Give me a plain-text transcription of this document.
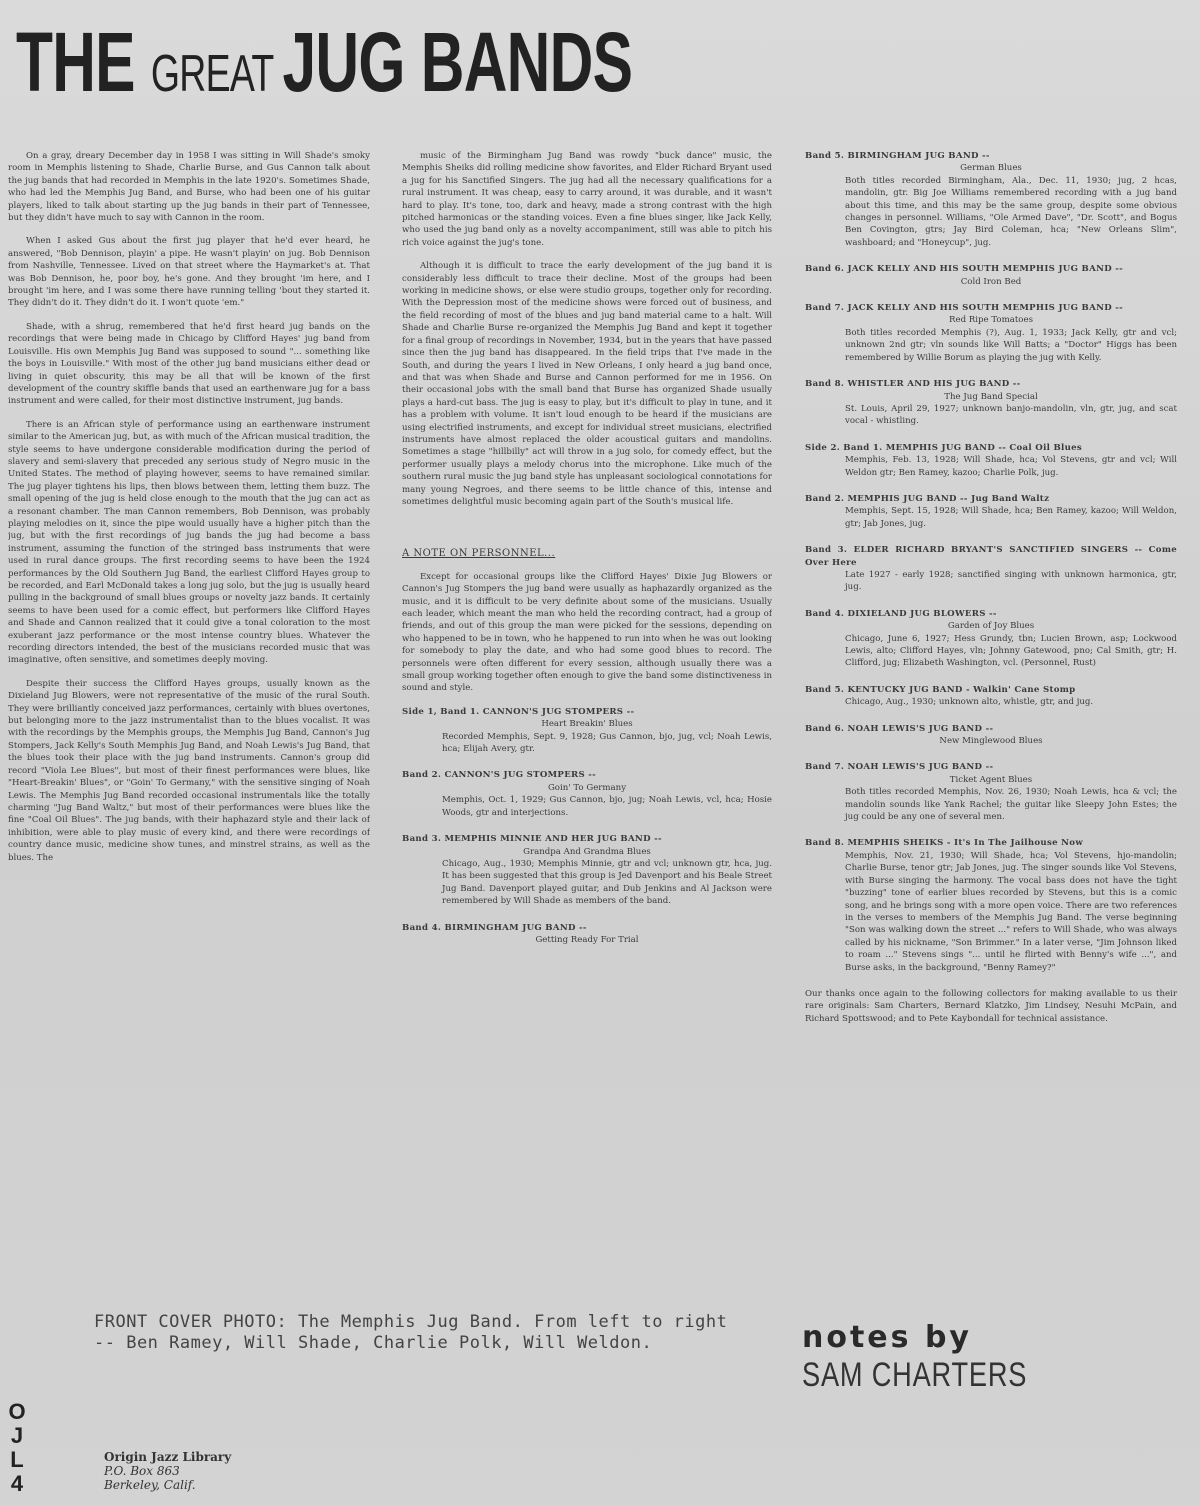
THE GREAT JUG BANDS

On a gray, dreary December day in 1958 I was sitting in Will Shade's smoky room in Memphis listening to Shade, Charlie Burse, and Gus Cannon talk about the jug bands that had recorded in Memphis in the late 1920's. Sometimes Shade, who had led the Memphis Jug Band, and Burse, who had been one of his guitar players, liked to talk about starting up the jug bands in their part of Tennessee, but they didn't have much to say with Cannon in the room.

When I asked Gus about the first jug player that he'd ever heard, he answered, "Bob Dennison, playin' a pipe. He wasn't playin' on jug. Bob Dennison from Nashville, Tennessee. Lived on that street where the Haymarket's at. That was Bob Dennison, he, poor boy, he's gone. And they brought 'im here, and I brought 'im here, and I was some there have running telling 'bout they started it. They didn't do it. They didn't do it. I won't quote 'em."

Shade, with a shrug, remembered that he'd first heard jug bands on the recordings that were being made in Chicago by Clifford Hayes' jug band from Louisville. His own Memphis Jug Band was supposed to sound "... something like the boys in Louisville." With most of the other jug band musicians either dead or living in quiet obscurity, this may be all that will be known of the first development of the country skiffle bands that used an earthenware jug for a bass instrument and were called, for their most distinctive instrument, jug bands.

There is an African style of performance using an earthenware instrument similar to the American jug, but, as with much of the African musical tradition, the style seems to have undergone considerable modification during the period of slavery and semi-slavery that preceded any serious study of Negro music in the United States. The method of playing however, seems to have remained similar. The jug player tightens his lips, then blows between them, letting them buzz. The small opening of the jug is held close enough to the mouth that the jug can act as a resonant chamber. The man Cannon remembers, Bob Dennison, was probably playing melodies on it, since the pipe would usually have a higher pitch than the jug, but with the first recordings of jug bands the jug had become a bass instrument, assuming the function of the stringed bass instruments that were used in rural dance groups. The first recording seems to have been the 1924 performances by the Old Southern Jug Band, the earliest Clifford Hayes group to be recorded, and Earl McDonald takes a long jug solo, but the jug is usually heard pulling in the background of small blues groups or novelty jazz bands. It certainly seems to have been used for a comic effect, but performers like Clifford Hayes and Shade and Cannon realized that it could give a tonal coloration to the most exuberant jazz performance or the most intense country blues. Whatever the recording directors intended, the best of the musicians recorded music that was imaginative, often sensitive, and sometimes deeply moving.

Despite their success the Clifford Hayes groups, usually known as the Dixieland Jug Blowers, were not representative of the music of the rural South. They were brilliantly conceived jazz performances, certainly with blues overtones, but belonging more to the jazz instrumentalist than to the blues vocalist. It was with the recordings by the Memphis groups, the Memphis Jug Band, Cannon's Jug Stompers, Jack Kelly's South Memphis Jug Band, and Noah Lewis's Jug Band, that the blues took their place with the jug band instruments. Cannon's group did record "Viola Lee Blues", but most of their finest performances were blues, like "Heart-Breakin' Blues", or "Goin' To Germany," with the sensitive singing of Noah Lewis. The Memphis Jug Band recorded occasional instrumentals like the totally charming "Jug Band Waltz," but most of their performances were blues like the fine "Coal Oil Blues". The jug bands, with their haphazard style and their lack of inhibition, were able to play music of every kind, and there were recordings of country dance music, medicine show tunes, and minstrel strains, as well as the blues. The

music of the Birmingham Jug Band was rowdy "buck dance" music, the Memphis Sheiks did rolling medicine show favorites, and Elder Richard Bryant used a jug for his Sanctified Singers. The jug had all the necessary qualifications for a rural instrument. It was cheap, easy to carry around, it was durable, and it wasn't hard to play. It's tone, too, dark and heavy, made a strong contrast with the high pitched harmonicas or the standing voices. Even a fine blues singer, like Jack Kelly, who used the jug band only as a novelty accompaniment, still was able to pitch his rich voice against the jug's tone.

Although it is difficult to trace the early development of the jug band it is considerably less difficult to trace their decline. Most of the groups had been working in medicine shows, or else were studio groups, together only for recording. With the Depression most of the medicine shows were forced out of business, and the field recording of most of the blues and jug band material came to a halt. Will Shade and Charlie Burse re-organized the Memphis Jug Band and kept it together for a final group of recordings in November, 1934, but in the years that have passed since then the jug band has disappeared. In the field trips that I've made in the South, and during the years I lived in New Orleans, I only heard a jug band once, and that was when Shade and Burse and Cannon performed for me in 1956. On their occasional jobs with the small band that Burse has organized Shade usually plays a hard-cut bass. The jug is easy to play, but it's difficult to play in tune, and it has a problem with volume. It isn't loud enough to be heard if the musicians are using electrified instruments, and except for individual street musicians, electrified instruments have almost replaced the older acoustical guitars and mandolins. Sometimes a stage "hillbilly" act will throw in a jug solo, for comedy effect, but the performer usually plays a melody chorus into the microphone. Like much of the southern rural music the jug band style has unpleasant sociological connotations for many young Negroes, and there seems to be little chance of this, intense and sometimes delightful music becoming again part of the South's musical life.

A NOTE ON PERSONNEL...

Except for occasional groups like the Clifford Hayes' Dixie Jug Blowers or Cannon's Jug Stompers the jug band were usually as haphazardly organized as the music, and it is difficult to be very definite about some of the musicians. Usually each leader, which meant the man who held the recording contract, had a group of friends, and out of this group the man were picked for the sessions, depending on who happened to be in town, who he happened to run into when he was out looking for somebody to play the date, and who had some good blues to record. The personnels were often different for every session, although usually there was a small group working together often enough to give the band some distinctiveness in sound and style.

Side 1, Band 1. CANNON'S JUG STOMPERS --
Heart Breakin' Blues
Recorded Memphis, Sept. 9, 1928; Gus Cannon, bjo, jug, vcl; Noah Lewis, hca; Elijah Avery, gtr.
Band 2. CANNON'S JUG STOMPERS --
Goin' To Germany
Memphis, Oct. 1, 1929; Gus Cannon, bjo, jug; Noah Lewis, vcl, hca; Hosie Woods, gtr and interjections.
Band 3. MEMPHIS MINNIE AND HER JUG BAND --
Grandpa And Grandma Blues
Chicago, Aug., 1930; Memphis Minnie, gtr and vcl; unknown gtr, hca, jug. It has been suggested that this group is Jed Davenport and his Beale Street Jug Band. Davenport played guitar, and Dub Jenkins and Al Jackson were remembered by Will Shade as members of the band.
Band 4. BIRMINGHAM JUG BAND --
Getting Ready For Trial
Band 5. BIRMINGHAM JUG BAND --
German Blues
Both titles recorded Birmingham, Ala., Dec. 11, 1930; jug, 2 hcas, mandolin, gtr. Big Joe Williams remembered recording with a jug band about this time, and this may be the same group, despite some obvious changes in personnel. Williams, "Ole Armed Dave", "Dr. Scott", and Bogus Ben Covington, gtrs; Jay Bird Coleman, hca; "New Orleans Slim", washboard; and "Honeycup", jug.
Band 6. JACK KELLY AND HIS SOUTH MEMPHIS JUG BAND --
Cold Iron Bed
Band 7. JACK KELLY AND HIS SOUTH MEMPHIS JUG BAND --
Red Ripe Tomatoes
Both titles recorded Memphis (?), Aug. 1, 1933; Jack Kelly, gtr and vcl; unknown 2nd gtr; vln sounds like Will Batts; a "Doctor" Higgs has been remembered by Willie Borum as playing the jug with Kelly.
Band 8. WHISTLER AND HIS JUG BAND --
The Jug Band Special
St. Louis, April 29, 1927; unknown banjo-mandolin, vln, gtr, jug, and scat vocal - whistling.
Side 2. Band 1. MEMPHIS JUG BAND -- Coal Oil Blues
Memphis, Feb. 13, 1928; Will Shade, hca; Vol Stevens, gtr and vcl; Will Weldon gtr; Ben Ramey, kazoo; Charlie Polk, jug.
Band 2. MEMPHIS JUG BAND -- Jug Band Waltz
Memphis, Sept. 15, 1928; Will Shade, hca; Ben Ramey, kazoo; Will Weldon, gtr; Jab Jones, jug.
Band 3. ELDER RICHARD BRYANT'S SANCTIFIED SINGERS -- Come Over Here
Late 1927 - early 1928; sanctified singing with unknown harmonica, gtr, jug.
Band 4. DIXIELAND JUG BLOWERS --
Garden of Joy Blues
Chicago, June 6, 1927; Hess Grundy, tbn; Lucien Brown, asp; Lockwood Lewis, alto; Clifford Hayes, vln; Johnny Gatewood, pno; Cal Smith, gtr; H. Clifford, jug; Elizabeth Washington, vcl. (Personnel, Rust)
Band 5. KENTUCKY JUG BAND - Walkin' Cane Stomp
Chicago, Aug., 1930; unknown alto, whistle, gtr, and jug.
Band 6. NOAH LEWIS'S JUG BAND --
New Minglewood Blues
Band 7. NOAH LEWIS'S JUG BAND --
Ticket Agent Blues
Both titles recorded Memphis, Nov. 26, 1930; Noah Lewis, hca & vcl; the mandolin sounds like Yank Rachel; the guitar like Sleepy John Estes; the jug could be any one of several men.
Band 8. MEMPHIS SHEIKS - It's In The Jailhouse Now
Memphis, Nov. 21, 1930; Will Shade, hca; Vol Stevens, hjo-mandolin; Charlie Burse, tenor gtr; Jab Jones, jug. The singer sounds like Vol Stevens, with Burse singing the harmony. The vocal bass does not have the tight "buzzing" tone of earlier blues recorded by Stevens, but this is a comic song, and he brings song with a more open voice. There are two references in the verses to members of the Memphis Jug Band. The verse beginning "Son was walking down the street ..." refers to Will Shade, who was always called by his nickname, "Son Brimmer." In a later verse, "Jim Johnson liked to roam ..." Stevens sings "... until he flirted with Benny's wife ...", and Burse asks, in the background, "Benny Ramey?"

Our thanks once again to the following collectors for making available to us their rare originals: Sam Charters, Bernard Klatzko, Jim Lindsey, Nesuhi McPain, and Richard Spottswood; and to Pete Kaybondall for technical assistance.

FRONT COVER PHOTO: The Memphis Jug Band. From left to right -- Ben Ramey, Will Shade, Charlie Polk, Will Weldon.	notes by
SAM CHARTERS
O
J
L
4
Origin Jazz Library
P.O. Box 863
Berkeley, Calif.
